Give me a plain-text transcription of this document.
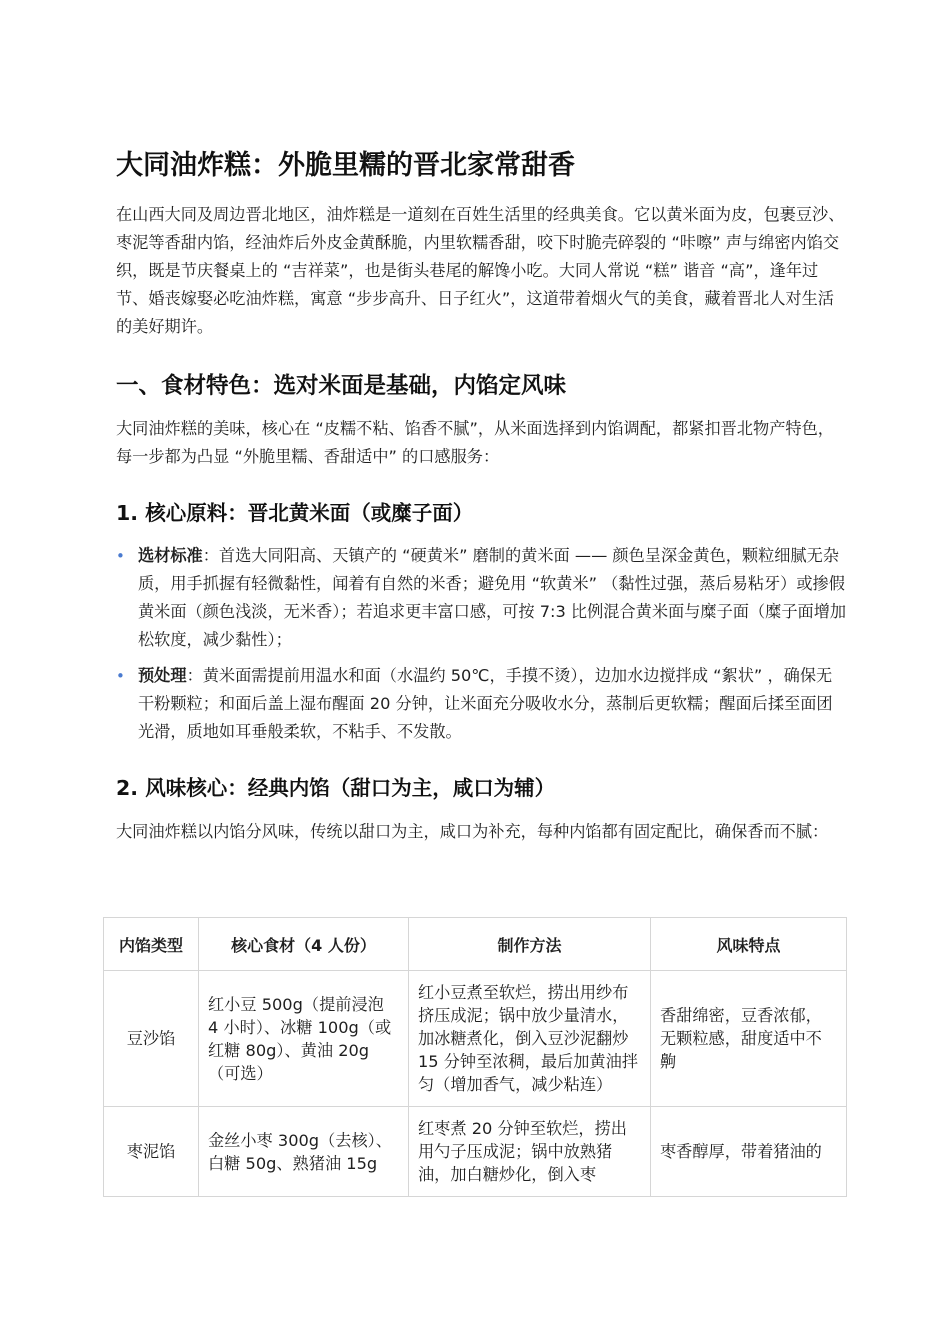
大同油炸糕：外脆里糯的晋北家常甜香

在山西大同及周边晋北地区，油炸糕是一道刻在百姓生活里的经典美食。它以黄米面为皮，包裹豆沙、枣泥等香甜内馅，经油炸后外皮金黄酥脆，内里软糯香甜，咬下时脆壳碎裂的 “咔嚓” 声与绵密内馅交织，既是节庆餐桌上的 “吉祥菜”，也是街头巷尾的解馋小吃。大同人常说 “糕” 谐音 “高”，逢年过节、婚丧嫁娶必吃油炸糕，寓意 “步步高升、日子红火”，这道带着烟火气的美食，藏着晋北人对生活的美好期许。

一、食材特色：选对米面是基础，内馅定风味

大同油炸糕的美味，核心在 “皮糯不粘、馅香不腻”，从米面选择到内馅调配，都紧扣晋北物产特色，每一步都为凸显 “外脆里糯、香甜适中” 的口感服务：

1. 核心原料：晋北黄米面（或糜子面）
• 选材标准：首选大同阳高、天镇产的 “硬黄米” 磨制的黄米面 —— 颜色呈深金黄色，颗粒细腻无杂质，用手抓握有轻微黏性，闻着有自然的米香；避免用 “软黄米” （黏性过强，蒸后易粘牙）或掺假黄米面（颜色浅淡，无米香）；若追求更丰富口感，可按 7:3 比例混合黄米面与糜子面（糜子面增加松软度，减少黏性）；
• 预处理：黄米面需提前用温水和面（水温约 50℃，手摸不烫），边加水边搅拌成 “絮状” ，确保无干粉颗粒；和面后盖上湿布醒面 20 分钟，让米面充分吸收水分，蒸制后更软糯；醒面后揉至面团光滑，质地如耳垂般柔软，不粘手、不发散。
2. 风味核心：经典内馅（甜口为主，咸口为辅）

大同油炸糕以内馅分风味，传统以甜口为主，咸口为补充，每种内馅都有固定配比，确保香而不腻：

内馅类型	核心食材（4 人份）	制作方法	风味特点
豆沙馅	红小豆 500g（提前浸泡 4 小时）、冰糖 100g（或红糖 80g）、黄油 20g（可选）	红小豆煮至软烂，捞出用纱布挤压成泥；锅中放少量清水，加冰糖煮化，倒入豆沙泥翻炒 15 分钟至浓稠，最后加黄油拌匀（增加香气，减少粘连）	香甜绵密，豆香浓郁，无颗粒感，甜度适中不齁
枣泥馅	金丝小枣 300g（去核）、白糖 50g、熟猪油 15g	红枣煮 20 分钟至软烂，捞出用勺子压成泥；锅中放熟猪油，加白糖炒化，倒入枣	枣香醇厚，带着猪油的
